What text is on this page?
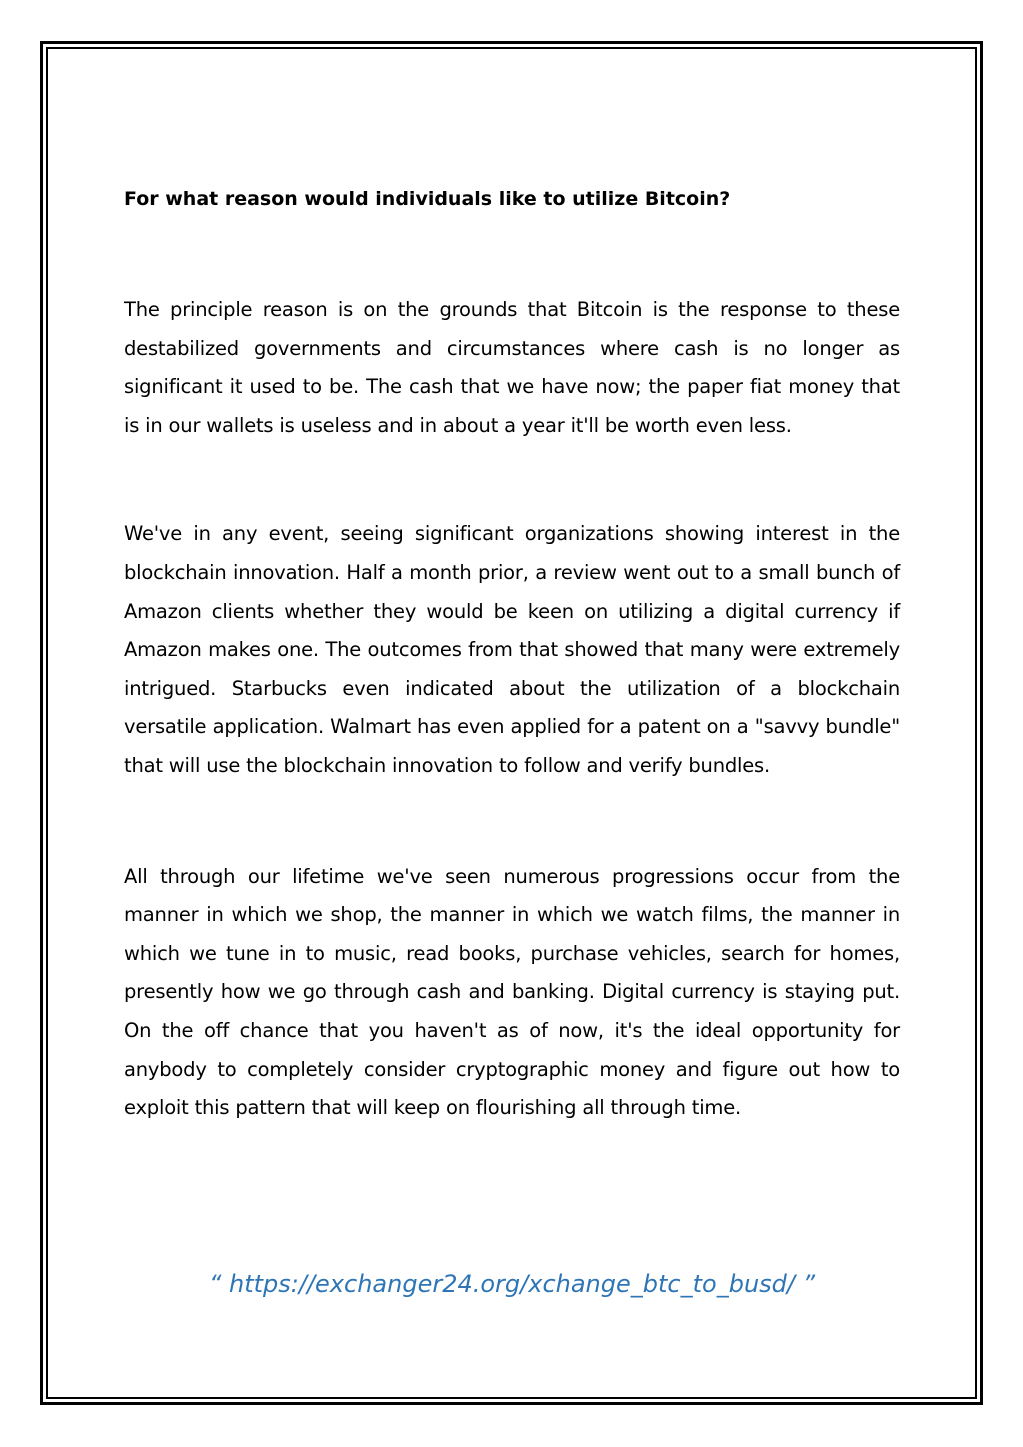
For what reason would individuals like to utilize Bitcoin?

The principle reason is on the grounds that Bitcoin is the response to these destabilized governments and circumstances where cash is no longer as significant it used to be. The cash that we have now; the paper fiat money that is in our wallets is useless and in about a year it'll be worth even less.

We've in any event, seeing significant organizations showing interest in the blockchain innovation. Half a month prior, a review went out to a small bunch of Amazon clients whether they would be keen on utilizing a digital currency if Amazon makes one. The outcomes from that showed that many were extremely intrigued. Starbucks even indicated about the utilization of a blockchain versatile application. Walmart has even applied for a patent on a "savvy bundle" that will use the blockchain innovation to follow and verify bundles.

All through our lifetime we've seen numerous progressions occur from the manner in which we shop, the manner in which we watch films, the manner in which we tune in to music, read books, purchase vehicles, search for homes, presently how we go through cash and banking. Digital currency is staying put. On the off chance that you haven't as of now, it's the ideal opportunity for anybody to completely consider cryptographic money and figure out how to exploit this pattern that will keep on flourishing all through time.

“ https://exchanger24.org/xchange_btc_to_busd/ ”
